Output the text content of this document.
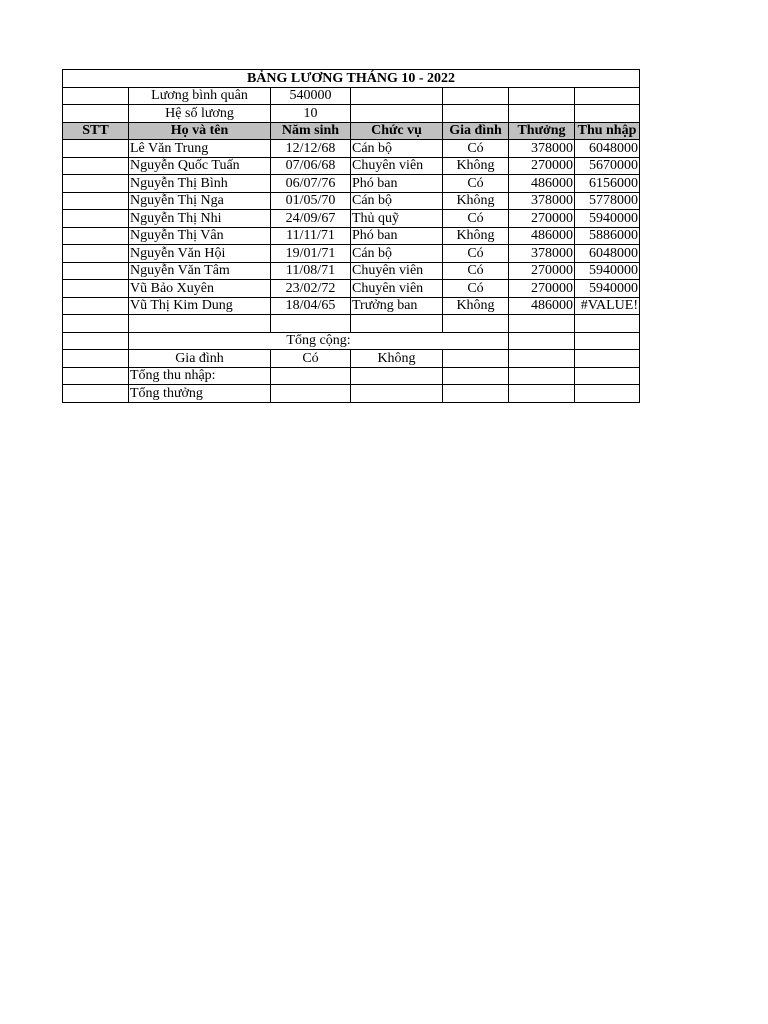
BẢNG LƯƠNG THÁNG 10 - 2022						
	Lương bình quân	540000				
	Hệ số lương	10				
STT	Họ và tên	Năm sinh	Chức vụ	Gia đình	Thưởng	Thu nhập
	Lê Văn Trung	12/12/68	Cán bộ	Có	378000	6048000
	Nguyễn Quốc Tuấn	07/06/68	Chuyên viên	Không	270000	5670000
	Nguyễn Thị Bình	06/07/76	Phó ban	Có	486000	6156000
	Nguyễn Thị Nga	01/05/70	Cán bộ	Không	378000	5778000
	Nguyễn Thị Nhi	24/09/67	Thủ quỹ	Có	270000	5940000
	Nguyễn Thị Vân	11/11/71	Phó ban	Không	486000	5886000
	Nguyễn Văn Hội	19/01/71	Cán bộ	Có	378000	6048000
	Nguyễn Văn Tâm	11/08/71	Chuyên viên	Có	270000	5940000
	Vũ Bảo Xuyên	23/02/72	Chuyên viên	Có	270000	5940000
	Vũ Thị Kim Dung	18/04/65	Trưởng ban	Không	486000	#VALUE!

	Tổng cộng:					
	Gia đình	Có	Không			
	Tổng thu nhập:					
	Tổng thưởng					
